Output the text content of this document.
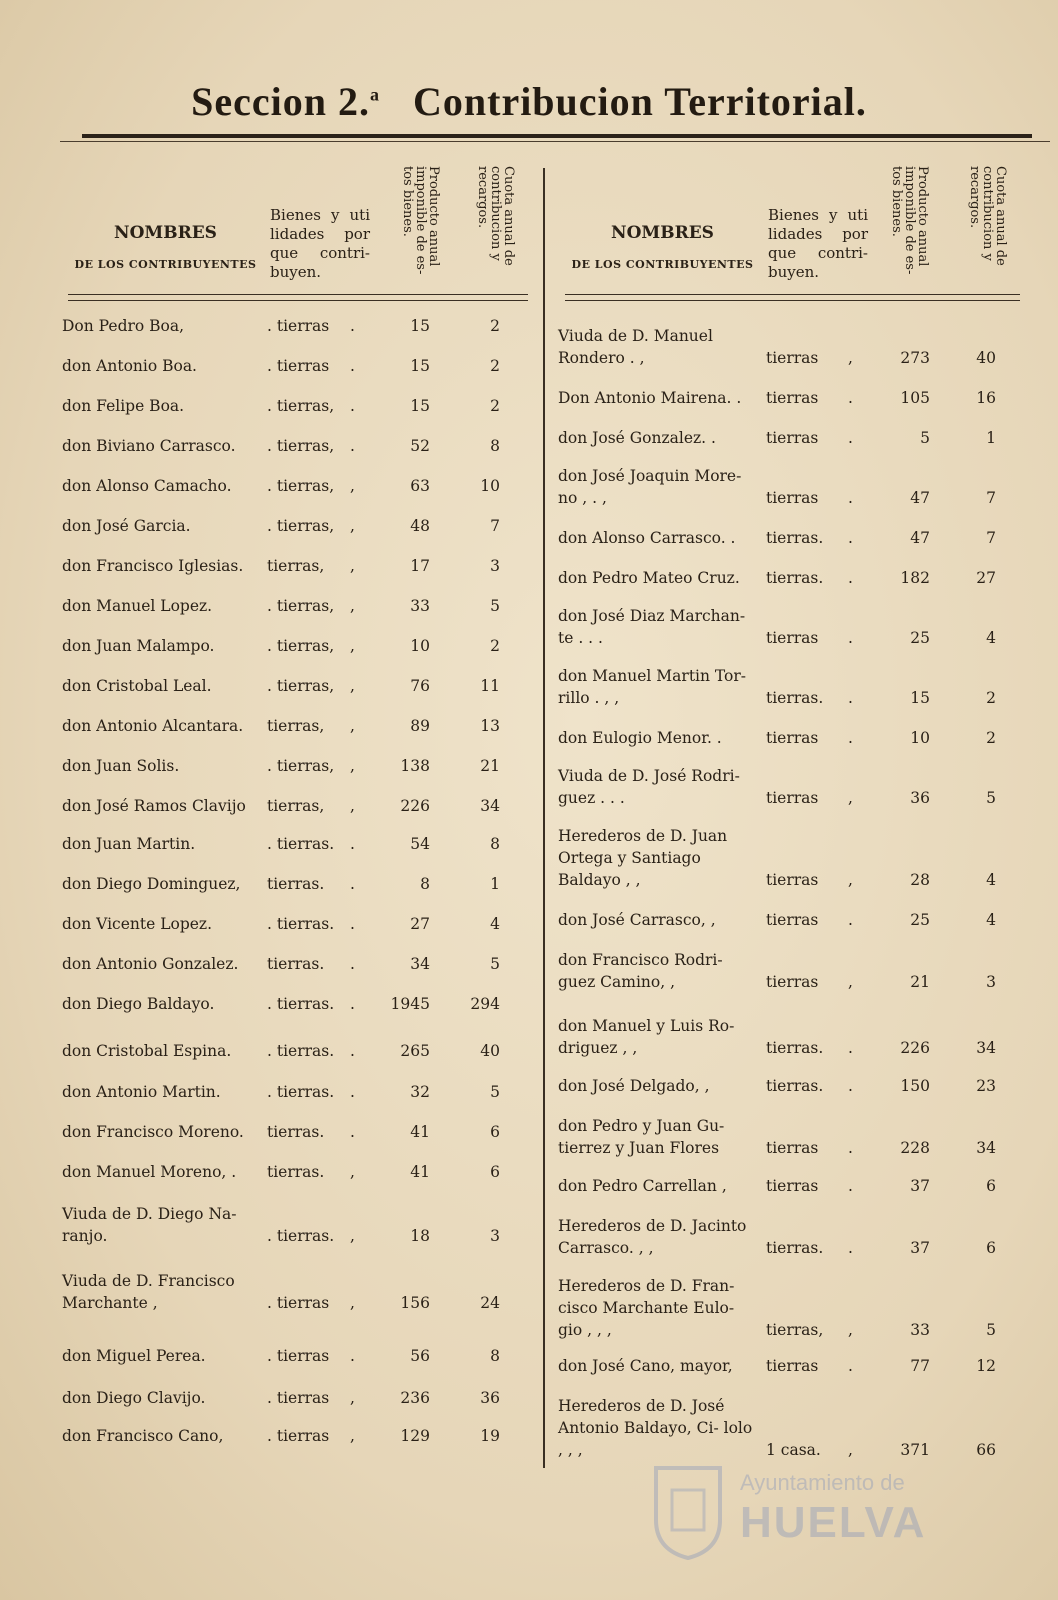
Seccion 2.$^a$ Contribucion Territorial.
NOMBRES
DE LOS CONTRIBUYENTES
Bienes y uti lidades por que contri- buyen.
Producto anual imponible de es- tos bienes.	Cuota anual de contribucion y recargos.
NOMBRES
DE LOS CONTRIBUYENTES
Bienes y uti lidades por que contri- buyen.
Producto anual imponible de es- tos bienes.	Cuota anual de contribucion y recargos.
Don Pedro Boa,	. tierras .	15	2
don Antonio Boa.	. tierras .	15	2
don Felipe Boa.	. tierras, .	15	2
don Biviano Carrasco.	. tierras, .	52	8
don Alonso Camacho.	. tierras, ,	63	10
don José Garcia.	. tierras, ,	48	7
don Francisco Iglesias.	tierras, ,	17	3
don Manuel Lopez.	. tierras, ,	33	5
don Juan Malampo.	. tierras, ,	10	2
don Cristobal Leal.	. tierras, ,	76	11
don Antonio Alcantara.	tierras, ,	89	13
don Juan Solis.	. tierras, ,	138	21
don José Ramos Clavijo	tierras, ,	226	34
don Juan Martin.	. tierras. .	54	8
don Diego Dominguez,	tierras. .	8	1
don Vicente Lopez.	. tierras. .	27	4
don Antonio Gonzalez.	tierras. .	34	5
don Diego Baldayo.	. tierras. .	1945	294
don Cristobal Espina.	. tierras. .	265	40
don Antonio Martin.	. tierras. .	32	5
don Francisco Moreno.	tierras. .	41	6
don Manuel Moreno, .	tierras. ,	41	6
Viuda de D. Diego Na- ranjo.	. tierras. ,	18	3
Viuda de D. Francisco Marchante ,	. tierras ,	156	24
don Miguel Perea.	. tierras .	56	8
don Diego Clavijo.	. tierras ,	236	36
don Francisco Cano,	. tierras ,	129	19
Viuda de D. Manuel Rondero . ,	tierras ,	273	40
Don Antonio Mairena. .	tierras .	105	16
don José Gonzalez. .	tierras .	5	1
don José Joaquin More- no , . ,	tierras .	47	7
don Alonso Carrasco. .	tierras. .	47	7
don Pedro Mateo Cruz.	tierras. .	182	27
don José Diaz Marchan- te . . .	tierras .	25	4
don Manuel Martin Tor- rillo . , ,	tierras. .	15	2
don Eulogio Menor. .	tierras .	10	2
Viuda de D. José Rodri- guez . . .	tierras ,	36	5
Herederos de D. Juan Ortega y Santiago Baldayo , ,	tierras ,	28	4
don José Carrasco, ,	tierras .	25	4
don Francisco Rodri- guez Camino, ,	tierras ,	21	3
don Manuel y Luis Ro- driguez , ,	tierras. .	226	34
don José Delgado, ,	tierras. .	150	23
don Pedro y Juan Gu- tierrez y Juan Flores	tierras .	228	34
don Pedro Carrellan ,	tierras .	37	6
Herederos de D. Jacinto Carrasco. , ,	tierras. .	37	6
Herederos de D. Fran- cisco Marchante Eulo- gio , , ,	tierras, ,	33	5
don José Cano, mayor,	tierras .	77	12
Herederos de D. José Antonio Baldayo, Ci- lolo , , ,	1 casa. ,	371	66
Ayuntamiento de
HUELVA
